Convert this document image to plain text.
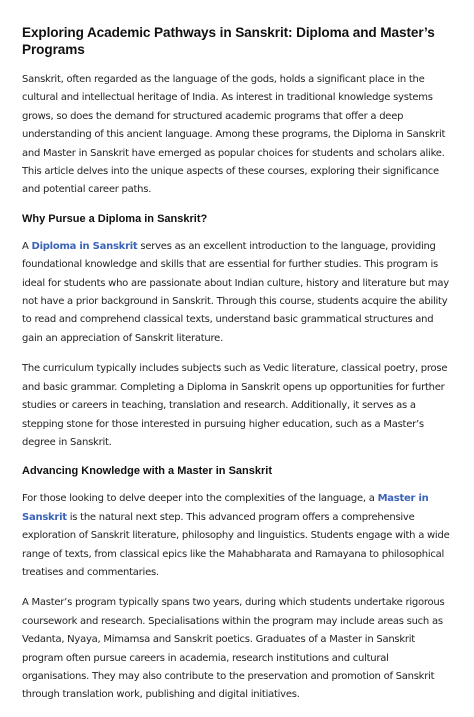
Exploring Academic Pathways in Sanskrit: Diploma and Master’s Programs

Sanskrit, often regarded as the language of the gods, holds a significant place in the cultural and intellectual heritage of India. As interest in traditional knowledge systems grows, so does the demand for structured academic programs that offer a deep understanding of this ancient language. Among these programs, the Diploma in Sanskrit and Master in Sanskrit have emerged as popular choices for students and scholars alike. This article delves into the unique aspects of these courses, exploring their significance and potential career paths.

Why Pursue a Diploma in Sanskrit?

A Diploma in Sanskrit serves as an excellent introduction to the language, providing foundational knowledge and skills that are essential for further studies. This program is ideal for students who are passionate about Indian culture, history and literature but may not have a prior background in Sanskrit. Through this course, students acquire the ability to read and comprehend classical texts, understand basic grammatical structures and gain an appreciation of Sanskrit literature.

The curriculum typically includes subjects such as Vedic literature, classical poetry, prose and basic grammar. Completing a Diploma in Sanskrit opens up opportunities for further studies or careers in teaching, translation and research. Additionally, it serves as a stepping stone for those interested in pursuing higher education, such as a Master’s degree in Sanskrit.

Advancing Knowledge with a Master in Sanskrit

For those looking to delve deeper into the complexities of the language, a Master in Sanskrit is the natural next step. This advanced program offers a comprehensive exploration of Sanskrit literature, philosophy and linguistics. Students engage with a wide range of texts, from classical epics like the Mahabharata and Ramayana to philosophical treatises and commentaries.

A Master’s program typically spans two years, during which students undertake rigorous coursework and research. Specialisations within the program may include areas such as Vedanta, Nyaya, Mimamsa and Sanskrit poetics. Graduates of a Master in Sanskrit program often pursue careers in academia, research institutions and cultural organisations. They may also contribute to the preservation and promotion of Sanskrit through translation work, publishing and digital initiatives.
